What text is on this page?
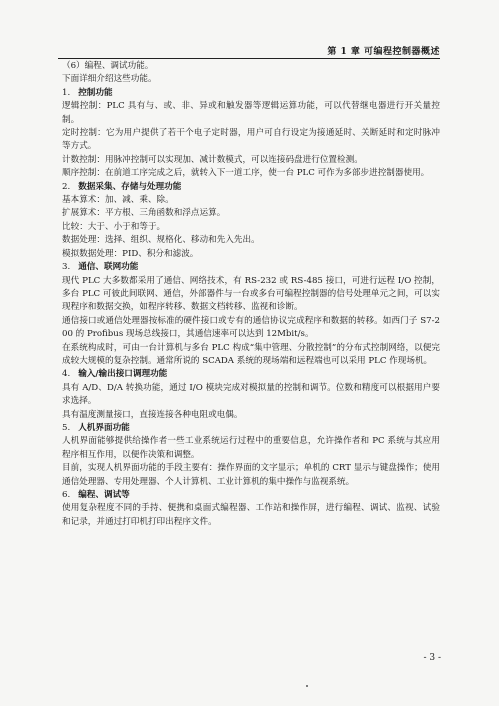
第 1 章 可编程控制器概述

（6）编程、调试功能。

下面详细介绍这些功能。

1. 控制功能

逻辑控制：PLC 具有与、或、非、异或和触发器等逻辑运算功能，可以代替继电器进行开关量控制。

定时控制：它为用户提供了若干个电子定时器，用户可自行设定为接通延时、关断延时和定时脉冲等方式。

计数控制：用脉冲控制可以实现加、减计数模式，可以连接码盘进行位置检测。

顺序控制：在前道工序完成之后，就转入下一道工序，使一台 PLC 可作为多部步进控制器使用。

2. 数据采集、存储与处理功能

基本算术：加、减、乘、除。

扩展算术：平方根、三角函数和浮点运算。

比较：大于、小于和等于。

数据处理：选择、组织、规格化、移动和先入先出。

模拟数据处理：PID、积分和滤波。

3. 通信、联网功能

现代 PLC 大多数都采用了通信、网络技术，有 RS-232 或 RS-485 接口，可进行远程 I/O 控制，多台 PLC 可彼此间联网、通信，外部器件与一台或多台可编程控制器的信号处理单元之间，可以实现程序和数据交换，如程序转移、数据文档转移、监视和诊断。

通信接口或通信处理器按标准的硬件接口或专有的通信协议完成程序和数据的转移。如西门子 S7-200 的 Profibus 现场总线接口，其通信速率可以达到 12Mbit/s。

在系统构成时，可由一台计算机与多台 PLC 构成“集中管理、分散控制”的分布式控制网络，以便完成较大规模的复杂控制。通常所说的 SCADA 系统的现场端和远程端也可以采用 PLC 作现场机。

4. 输入/输出接口调理功能

具有 A/D、D/A 转换功能，通过 I/O 模块完成对模拟量的控制和调节。位数和精度可以根据用户要求选择。

具有温度测量接口，直接连接各种电阻或电偶。

5. 人机界面功能

人机界面能够提供给操作者一些工业系统运行过程中的重要信息，允许操作者和 PC 系统与其应用程序相互作用，以便作决策和调整。

目前，实现人机界面功能的手段主要有：操作界面的文字显示；单机的 CRT 显示与键盘操作；使用通信处理器、专用处理器、个人计算机、工业计算机的集中操作与监视系统。

6. 编程、调试等

使用复杂程度不同的手持、便携和桌面式编程器、工作站和操作屏，进行编程、调试、监视、试验和记录，并通过打印机打印出程序文件。

- 3 -
